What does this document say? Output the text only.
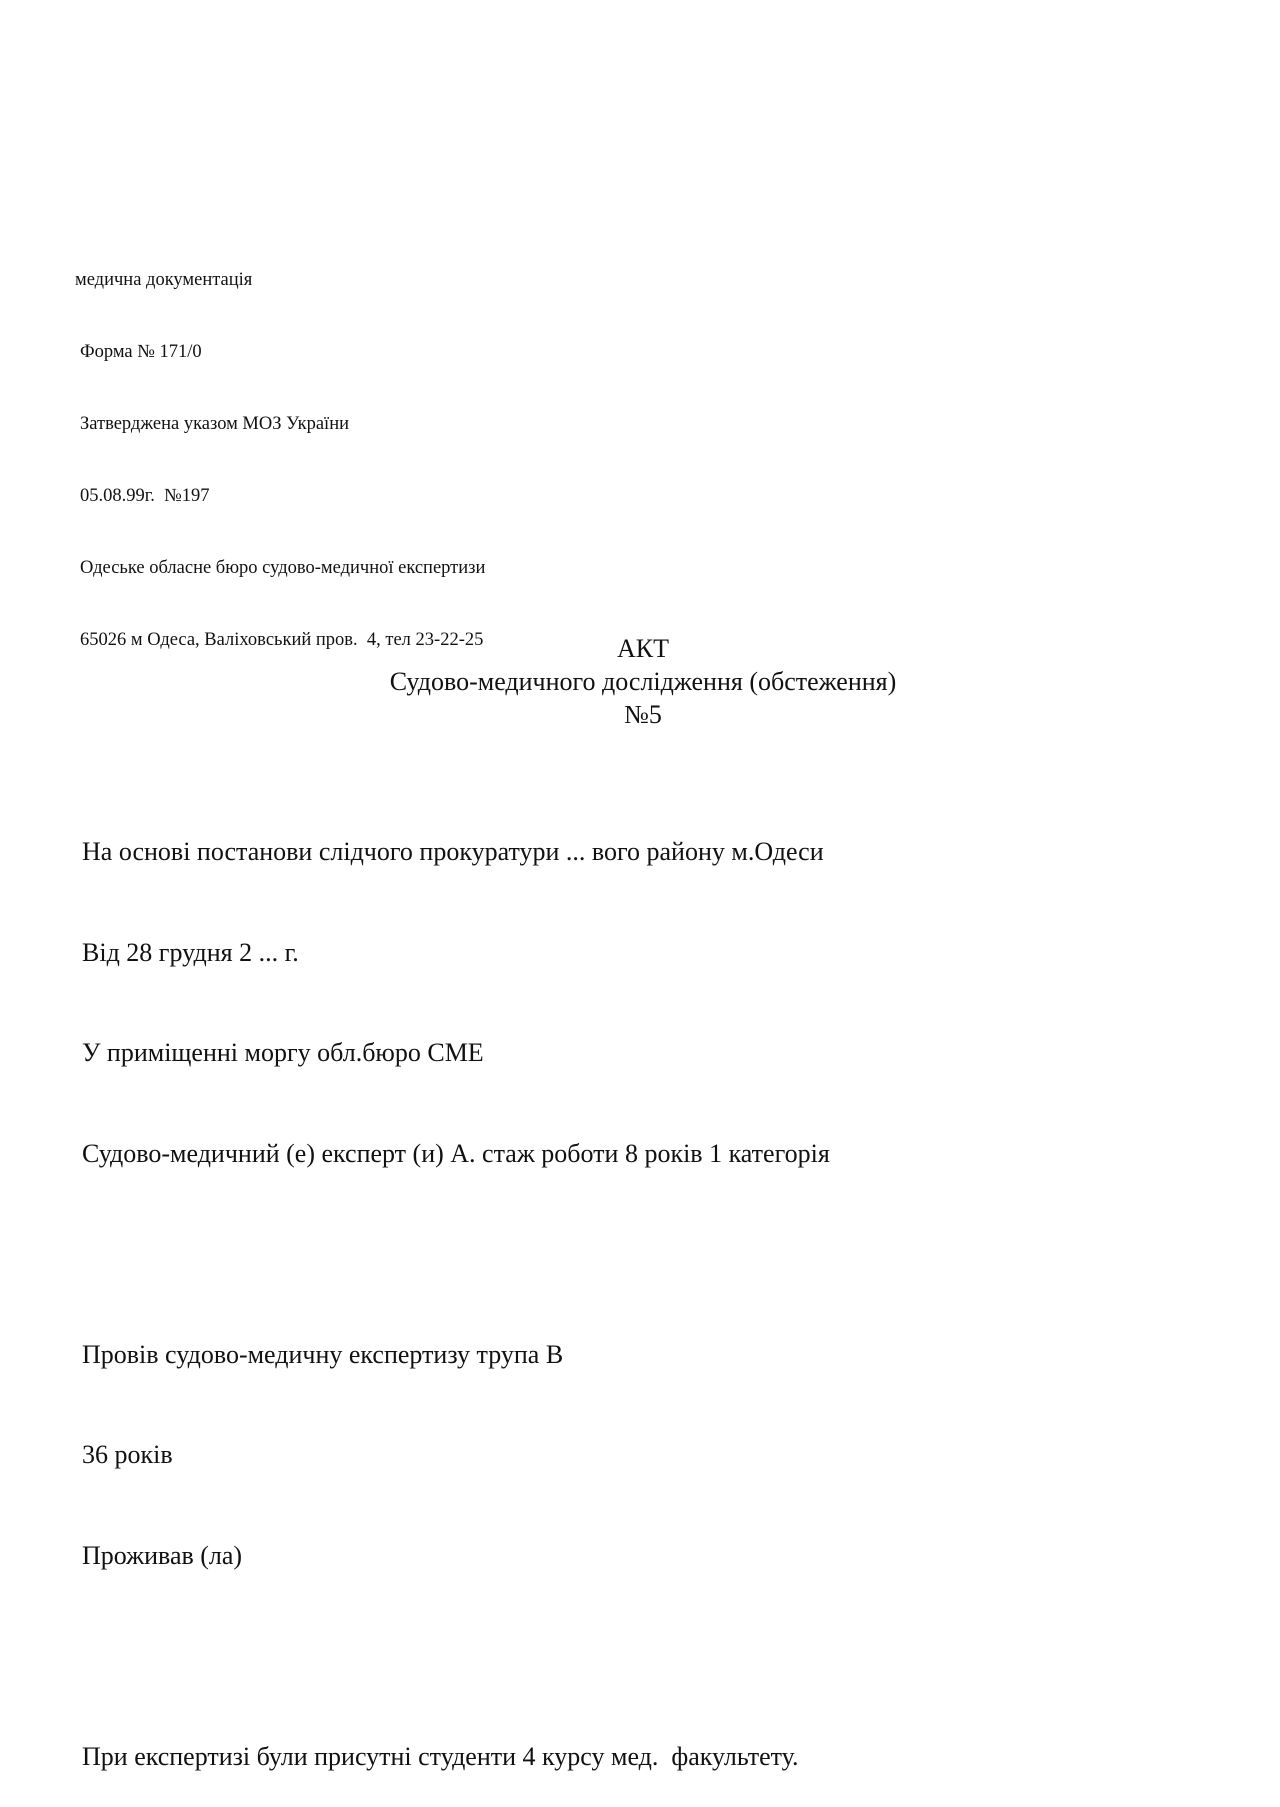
медична документація

Форма № 171/0

Затверджена указом МОЗ України

05.08.99г.  №197

Одеське обласне бюро судово-медичної експертизи

65026 м Одеса, Валіховський пров.  4, тел 23-22-25	АКТ
Судово-медичного дослідження (обстеження)
№5

На основі постанови слідчого прокуратури ... вого району м.Одеси

Від 28 грудня 2 ... г.

У приміщенні моргу обл.бюро СМЕ

Судово-медичний (е) експерт (и) А. стаж роботи 8 років 1 категорія

Провів судово-медичну експертизу трупа В

36 років

Проживав (ла)

При експертизі були присутні студенти 4 курсу мед.  факультету.
